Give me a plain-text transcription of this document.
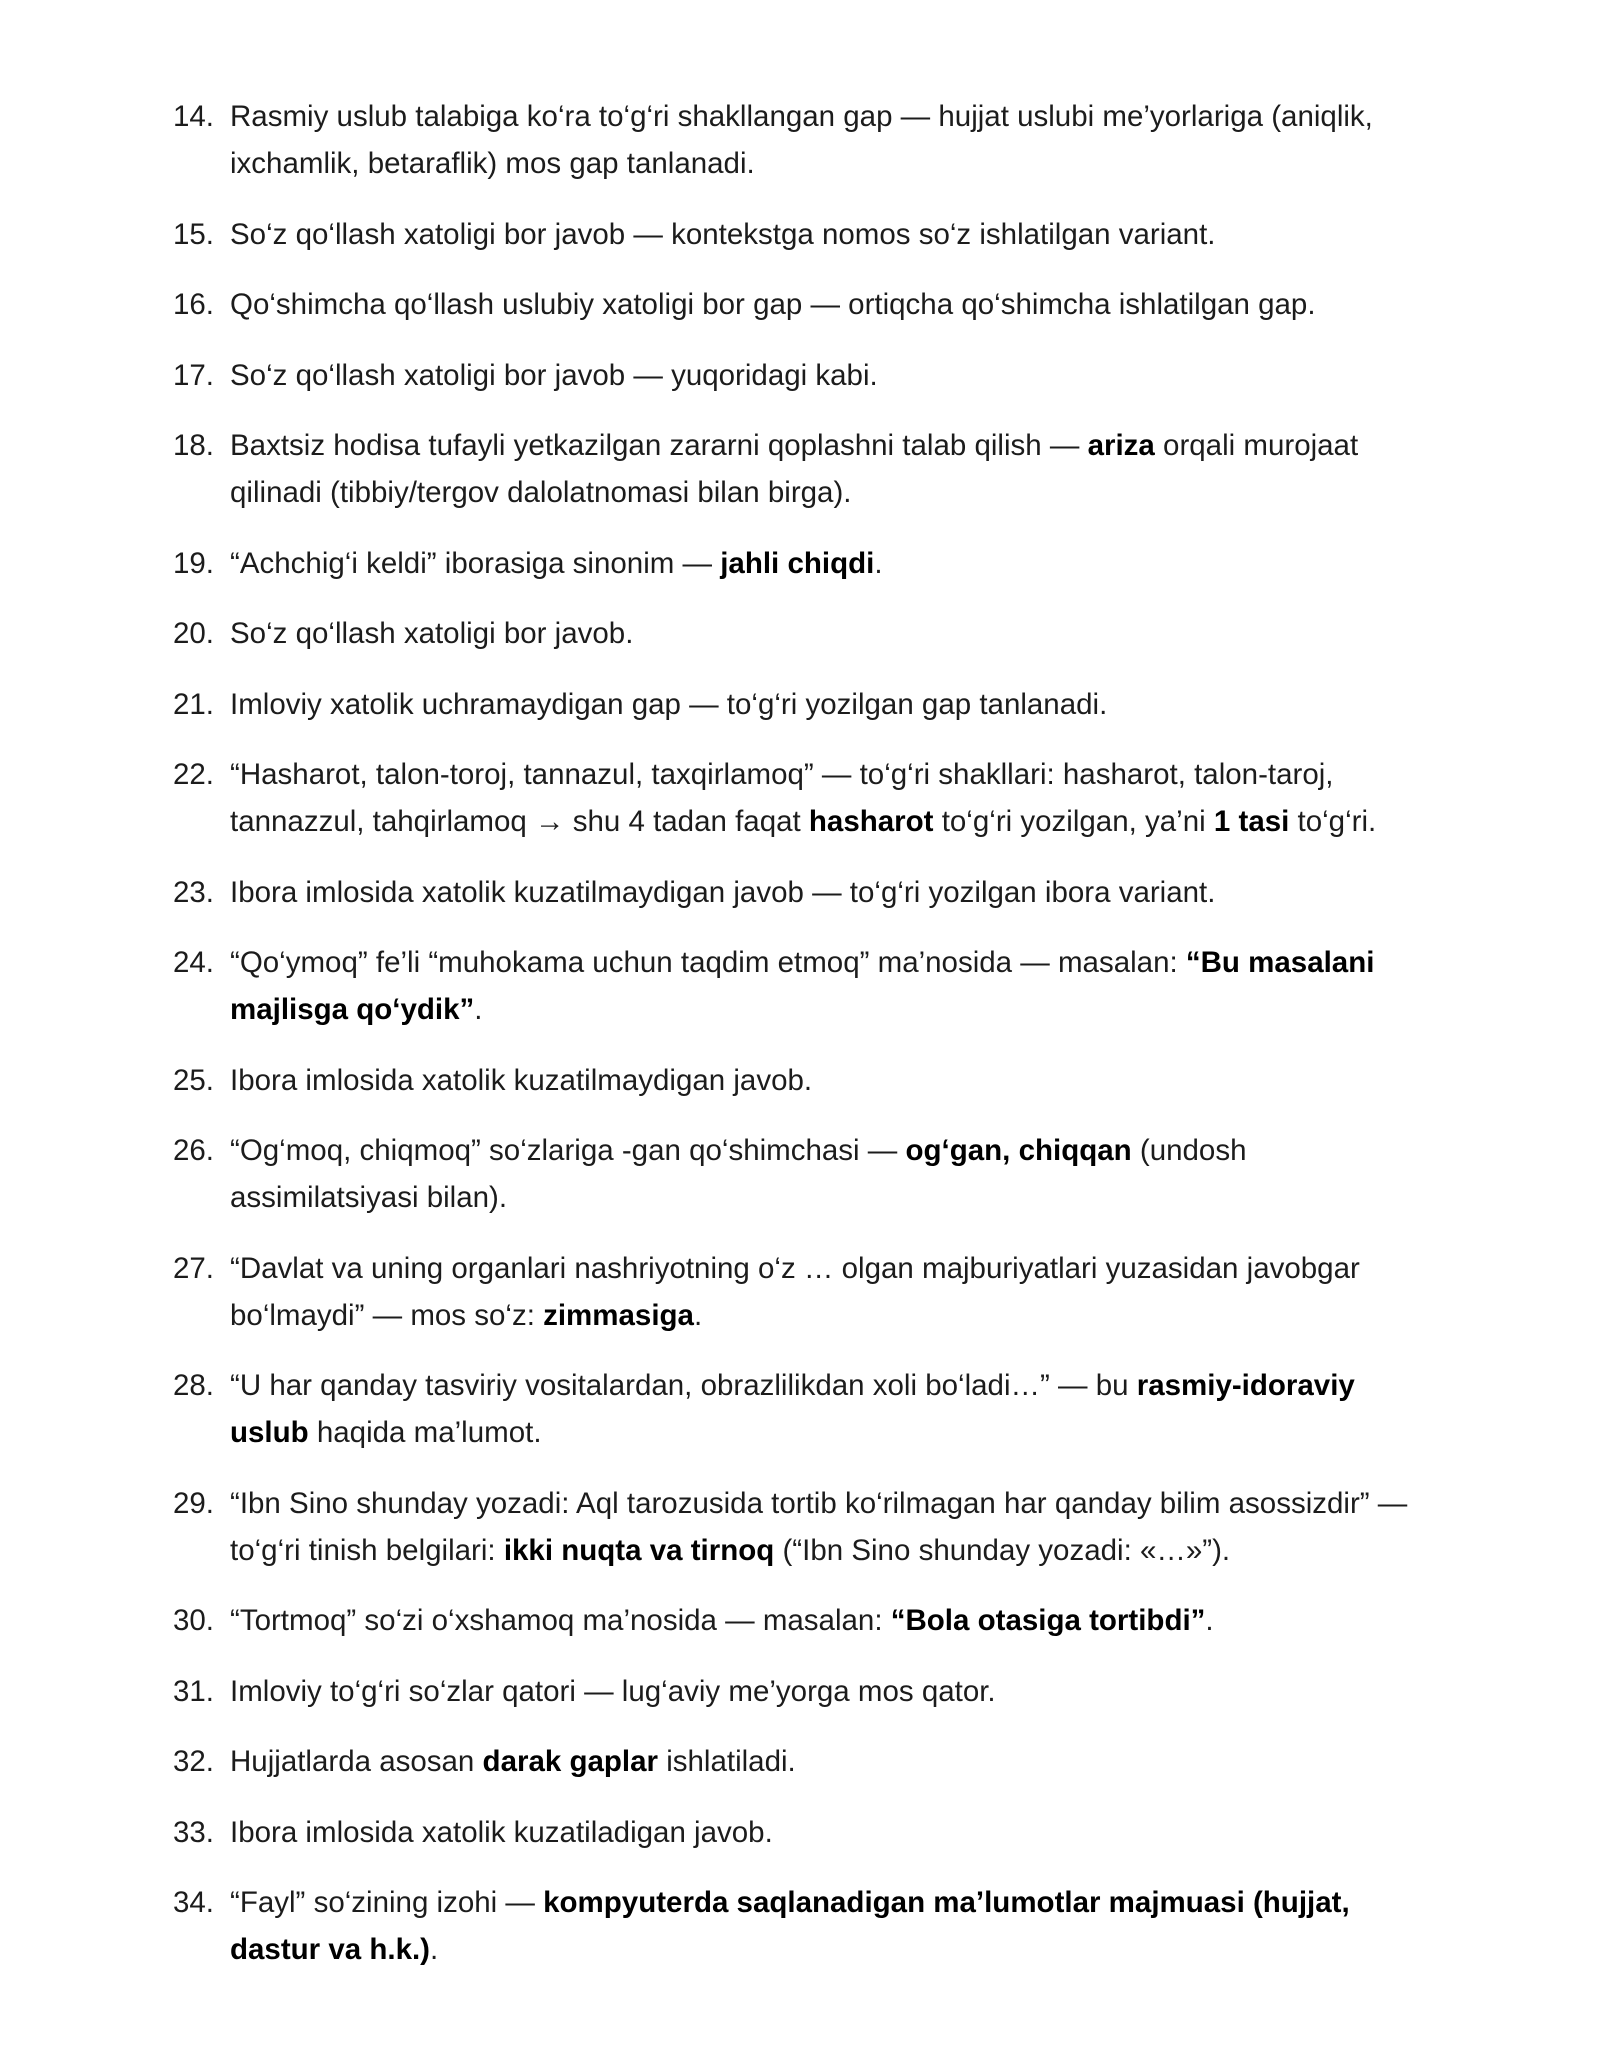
14. Rasmiy uslub talabiga ko‘ra to‘g‘ri shakllangan gap — hujjat uslubi me’yorlariga (aniqlik, ixchamlik, betaraflik) mos gap tanlanadi.
15. So‘z qo‘llash xatoligi bor javob — kontekstga nomos so‘z ishlatilgan variant.
16. Qo‘shimcha qo‘llash uslubiy xatoligi bor gap — ortiqcha qo‘shimcha ishlatilgan gap.
17. So‘z qo‘llash xatoligi bor javob — yuqoridagi kabi.
18. Baxtsiz hodisa tufayli yetkazilgan zararni qoplashni talab qilish — ariza orqali murojaat qilinadi (tibbiy/tergov dalolatnomasi bilan birga).
19. “Achchig‘i keldi” iborasiga sinonim — jahli chiqdi.
20. So‘z qo‘llash xatoligi bor javob.
21. Imloviy xatolik uchramaydigan gap — to‘g‘ri yozilgan gap tanlanadi.
22. “Hasharot, talon-toroj, tannazul, taxqirlamoq” — to‘g‘ri shakllari: hasharot, talon-taroj, tannazzul, tahqirlamoq → shu 4 tadan faqat hasharot to‘g‘ri yozilgan, ya’ni 1 tasi to‘g‘ri.
23. Ibora imlosida xatolik kuzatilmaydigan javob — to‘g‘ri yozilgan ibora variant.
24. “Qo‘ymoq” fe’li “muhokama uchun taqdim etmoq” ma’nosida — masalan: “Bu masalani majlisga qo‘ydik”.
25. Ibora imlosida xatolik kuzatilmaydigan javob.
26. “Og‘moq, chiqmoq” so‘zlariga -gan qo‘shimchasi — og‘gan, chiqqan (undosh assimilatsiyasi bilan).
27. “Davlat va uning organlari nashriyotning o‘z … olgan majburiyatlari yuzasidan javobgar bo‘lmaydi” — mos so‘z: zimmasiga.
28. “U har qanday tasviriy vositalardan, obrazlilikdan xoli bo‘ladi…” — bu rasmiy-idoraviy uslub haqida ma’lumot.
29. “Ibn Sino shunday yozadi: Aql tarozusida tortib ko‘rilmagan har qanday bilim asossizdir” — to‘g‘ri tinish belgilari: ikki nuqta va tirnoq (“Ibn Sino shunday yozadi: «…»”).
30. “Tortmoq” so‘zi o‘xshamoq ma’nosida — masalan: “Bola otasiga tortibdi”.
31. Imloviy to‘g‘ri so‘zlar qatori — lug‘aviy me’yorga mos qator.
32. Hujjatlarda asosan darak gaplar ishlatiladi.
33. Ibora imlosida xatolik kuzatiladigan javob.
34. “Fayl” so‘zining izohi — kompyuterda saqlanadigan ma’lumotlar majmuasi (hujjat, dastur va h.k.).
